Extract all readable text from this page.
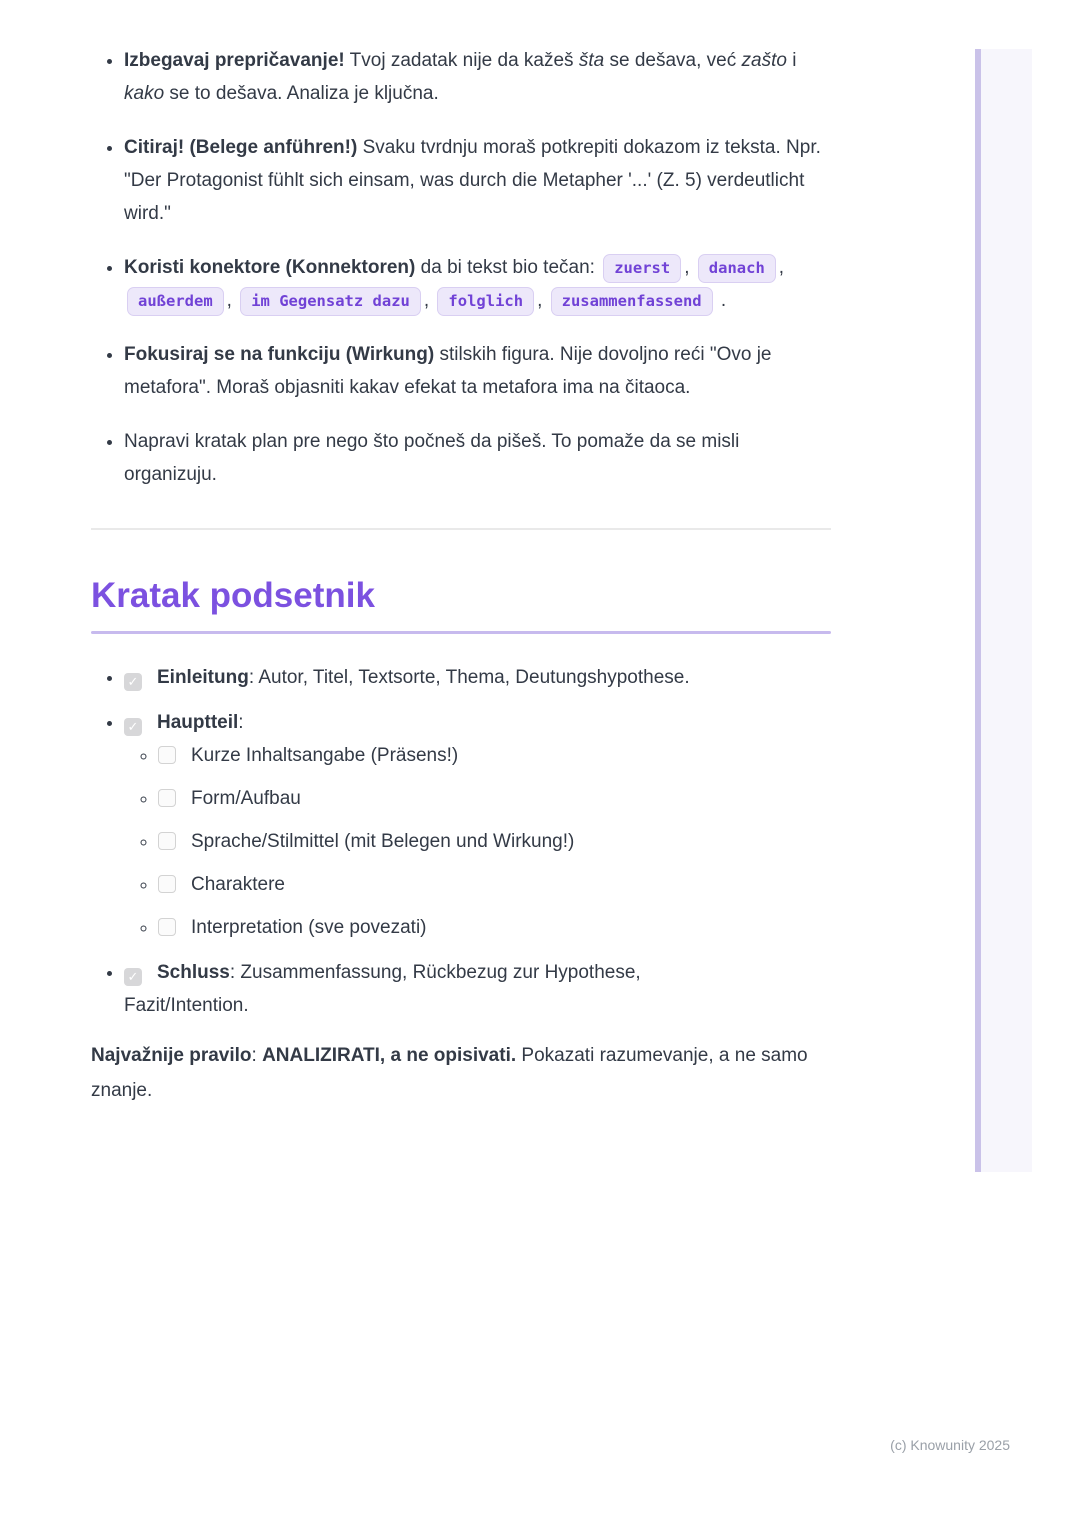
• Izbegavaj prepričavanje! Tvoj zadatak nije da kažeš šta se dešava, već zašto i kako se to dešava. Analiza je ključna.
• Citiraj! (Belege anführen!) Svaku tvrdnju moraš potkrepiti dokazom iz teksta. Npr. "Der Protagonist fühlt sich einsam, was durch die Metapher '...' (Z. 5) verdeutlicht wird."
• Koristi konektore (Konnektoren) da bi tekst bio tečan: zuerst , danach , außerdem , im Gegensatz dazu , folglich , zusammenfassend .
• Fokusiraj se na funkciju (Wirkung) stilskih figura. Nije dovoljno reći "Ovo je metafora". Moraš objasniti kakav efekat ta metafora ima na čitaoca.
• Napravi kratak plan pre nego što počneš da pišeš. To pomaže da se misli organizuju.
Kratak podsetnik
• ✓ Einleitung: Autor, Titel, Textsorte, Thema, Deutungshypothese.
• ✓ Hauptteil:
◦ Kurze Inhaltsangabe (Präsens!)
◦ Form/Aufbau
◦ Sprache/Stilmittel (mit Belegen und Wirkung!)
◦ Charaktere
◦ Interpretation (sve povezati)
• ✓ Schluss: Zusammenfassung, Rückbezug zur Hypothese,
Fazit/Intention.

Najvažnije pravilo: ANALIZIRATI, a ne opisivati. Pokazati razumevanje, a ne samo znanje.

(c) Knowunity 2025
